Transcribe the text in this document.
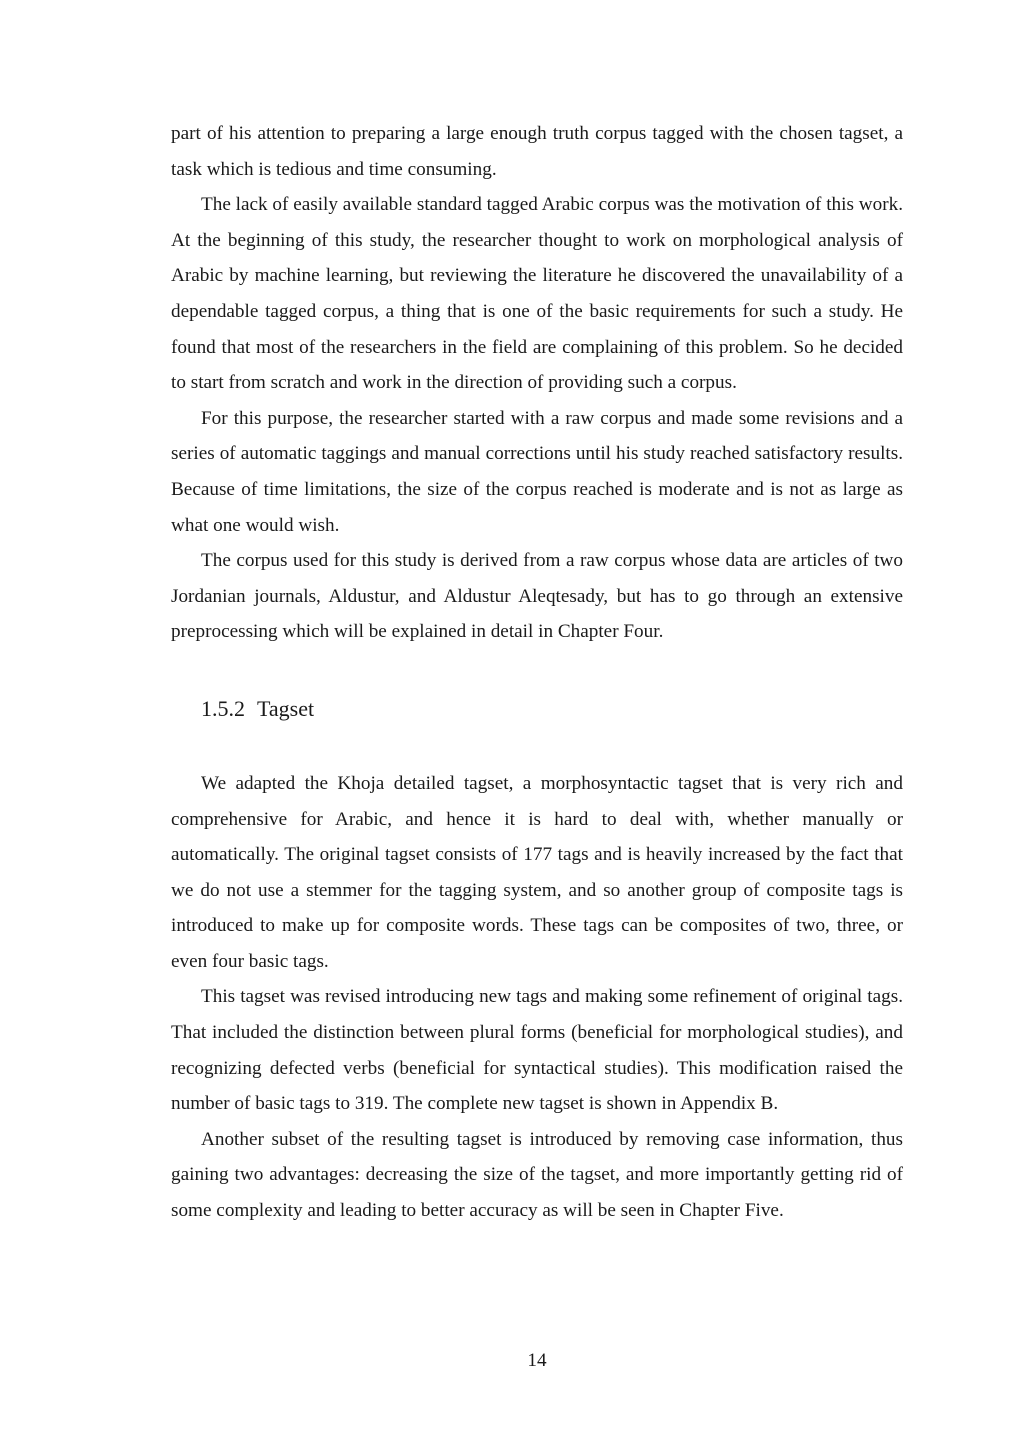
part of his attention to preparing a large enough truth corpus tagged with the chosen tagset, a task which is tedious and time consuming.

The lack of easily available standard tagged Arabic corpus was the motivation of this work. At the beginning of this study, the researcher thought to work on morphological analysis of Arabic by machine learning, but reviewing the literature he discovered the unavailability of a dependable tagged corpus, a thing that is one of the basic requirements for such a study. He found that most of the researchers in the field are complaining of this problem. So he decided to start from scratch and work in the direction of providing such a corpus.

For this purpose, the researcher started with a raw corpus and made some revisions and a series of automatic taggings and manual corrections until his study reached satisfactory results. Because of time limitations, the size of the corpus reached is moderate and is not as large as what one would wish.

The corpus used for this study is derived from a raw corpus whose data are articles of two Jordanian journals, Aldustur, and Aldustur Aleqtesady, but has to go through an extensive preprocessing which will be explained in detail in Chapter Four.

1.5.2 Tagset

We adapted the Khoja detailed tagset, a morphosyntactic tagset that is very rich and comprehensive for Arabic, and hence it is hard to deal with, whether manually or automatically. The original tagset consists of 177 tags and is heavily increased by the fact that we do not use a stemmer for the tagging system, and so another group of composite tags is introduced to make up for composite words. These tags can be composites of two, three, or even four basic tags.

This tagset was revised introducing new tags and making some refinement of original tags. That included the distinction between plural forms (beneficial for morphological studies), and recognizing defected verbs (beneficial for syntactical studies). This modification raised the number of basic tags to 319. The complete new tagset is shown in Appendix B.

Another subset of the resulting tagset is introduced by removing case information, thus gaining two advantages: decreasing the size of the tagset, and more importantly getting rid of some complexity and leading to better accuracy as will be seen in Chapter Five.

14
